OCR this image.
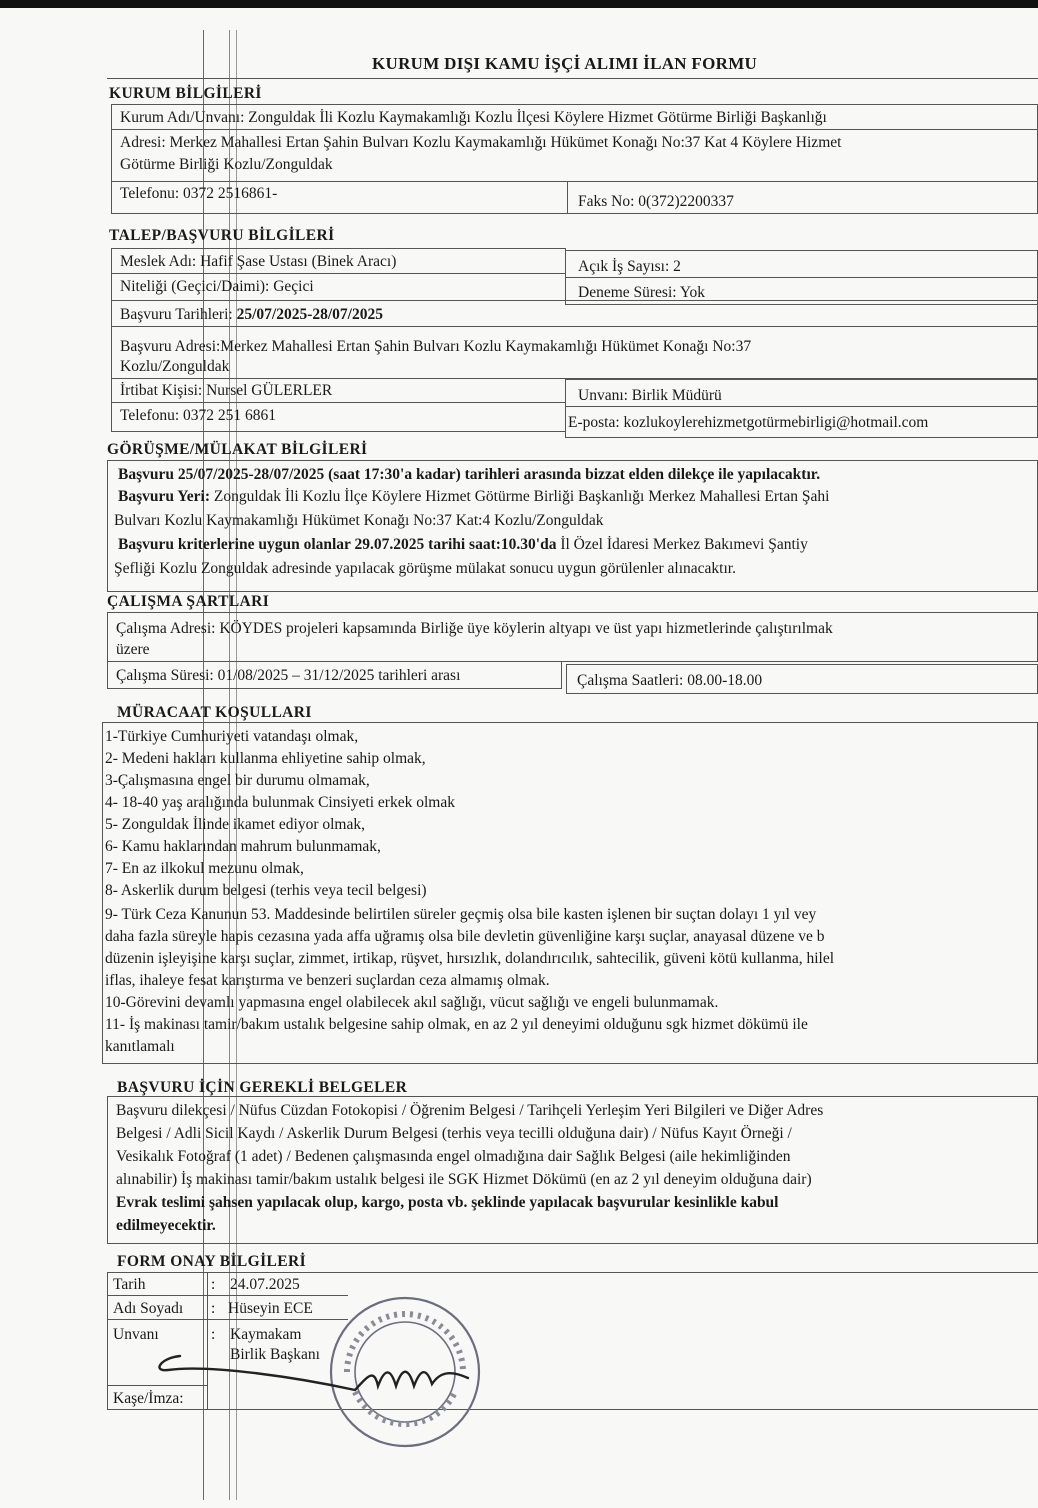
KURUM DIŞI KAMU İŞÇİ ALIMI İLAN FORMU
KURUM BİLGİLERİ
Kurum Adı/Unvanı: Zonguldak İli Kozlu Kaymakamlığı Kozlu İlçesi Köylere Hizmet Götürme Birliği Başkanlığı
Adresi: Merkez Mahallesi Ertan Şahin Bulvarı Kozlu Kaymakamlığı Hükümet Konağı No:37 Kat 4 Köylere Hizmet
Götürme Birliği Kozlu/Zonguldak
Telefonu: 0372 2516861-	Faks No: 0(372)2200337
TALEP/BAŞVURU BİLGİLERİ
Meslek Adı: Hafif Şase Ustası (Binek Aracı)	Açık İş Sayısı: 2
Niteliği (Geçici/Daimi): Geçici	Deneme Süresi: Yok
Başvuru Tarihleri: 25/07/2025-28/07/2025
Başvuru Adresi:Merkez Mahallesi Ertan Şahin Bulvarı Kozlu Kaymakamlığı Hükümet Konağı No:37
Kozlu/Zonguldak
İrtibat Kişisi: Nursel GÜLERLER	Unvanı: Birlik Müdürü
Telefonu: 0372 251 6861	E-posta: kozlukoylerehizmetgotürmebirligi@hotmail.com
GÖRÜŞME/MÜLAKAT BİLGİLERİ
Başvuru 25/07/2025-28/07/2025 (saat 17:30'a kadar) tarihleri arasında bizzat elden dilekçe ile yapılacaktır.
Başvuru Yeri: Zonguldak İli Kozlu İlçe Köylere Hizmet Götürme Birliği Başkanlığı Merkez Mahallesi Ertan Şahi
Bulvarı Kozlu Kaymakamlığı Hükümet Konağı No:37 Kat:4 Kozlu/Zonguldak
Başvuru kriterlerine uygun olanlar 29.07.2025 tarihi saat:10.30'da İl Özel İdaresi Merkez Bakımevi Şantiy
Şefliği Kozlu Zonguldak adresinde yapılacak görüşme mülakat sonucu uygun görülenler alınacaktır.
ÇALIŞMA ŞARTLARI
Çalışma Adresi: KÖYDES projeleri kapsamında Birliğe üye köylerin altyapı ve üst yapı hizmetlerinde çalıştırılmak
üzere
Çalışma Süresi: 01/08/2025 – 31/12/2025 tarihleri arası	Çalışma Saatleri: 08.00-18.00
MÜRACAAT KOŞULLARI
1-Türkiye Cumhuriyeti vatandaşı olmak,
2- Medeni hakları kullanma ehliyetine sahip olmak,
3-Çalışmasına engel bir durumu olmamak,
4- 18-40 yaş aralığında bulunmak Cinsiyeti erkek olmak
5- Zonguldak İlinde ikamet ediyor olmak,
6- Kamu haklarından mahrum bulunmamak,
7- En az ilkokul mezunu olmak,
8- Askerlik durum belgesi (terhis veya tecil belgesi)
9- Türk Ceza Kanunun 53. Maddesinde belirtilen süreler geçmiş olsa bile kasten işlenen bir suçtan dolayı 1 yıl vey
daha fazla süreyle hapis cezasına yada affa uğramış olsa bile devletin güvenliğine karşı suçlar, anayasal düzene ve b
düzenin işleyişine karşı suçlar, zimmet, irtikap, rüşvet, hırsızlık, dolandırıcılık, sahtecilik, güveni kötü kullanma, hilel
iflas, ihaleye fesat karıştırma ve benzeri suçlardan ceza almamış olmak.
10-Görevini devamlı yapmasına engel olabilecek akıl sağlığı, vücut sağlığı ve engeli bulunmamak.
11- İş makinası tamir/bakım ustalık belgesine sahip olmak, en az 2 yıl deneyimi olduğunu sgk hizmet dökümü ile
kanıtlamalı
BAŞVURU İÇİN GEREKLİ BELGELER
Başvuru dilekçesi / Nüfus Cüzdan Fotokopisi / Öğrenim Belgesi / Tarihçeli Yerleşim Yeri Bilgileri ve Diğer Adres
Belgesi / Adli Sicil Kaydı / Askerlik Durum Belgesi (terhis veya tecilli olduğuna dair) / Nüfus Kayıt Örneği /
Vesikalık Fotoğraf (1 adet) / Bedenen çalışmasında engel olmadığına dair Sağlık Belgesi (aile hekimliğinden
alınabilir) İş makinası tamir/bakım ustalık belgesi ile SGK Hizmet Dökümü (en az 2 yıl deneyim olduğuna dair)
Evrak teslimi şahsen yapılacak olup, kargo, posta vb. şeklinde yapılacak başvurular kesinlikle kabul
edilmeyecektir.
FORM ONAY BİLGİLERİ
Tarih	: 24.07.2025
Adı Soyadı : Hüseyin ECE
Unvanı	: Kaymakam
Birlik Başkanı
Kaşe/İmza:
